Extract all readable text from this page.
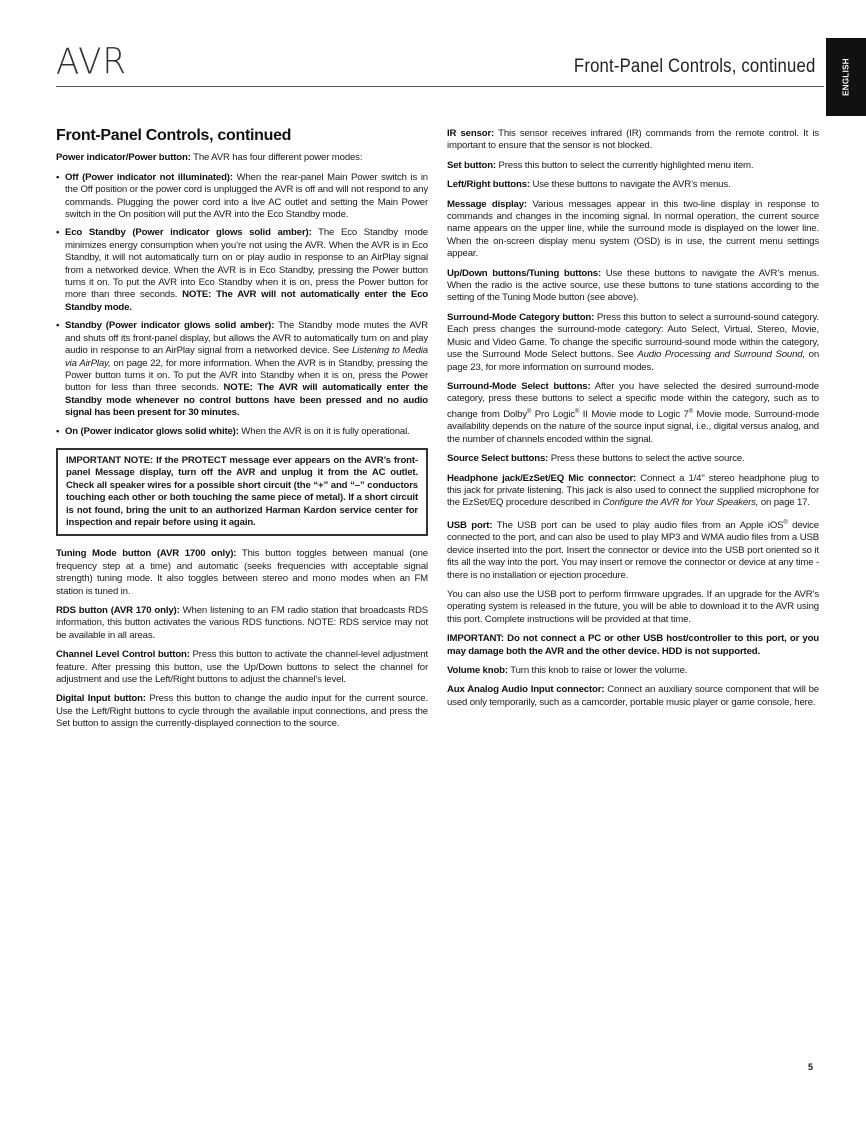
AVR	Front-Panel Controls, continued	ENGLISH
Front-Panel Controls, continued

Power indicator/Power button: The AVR has four different power modes:

• Off (Power indicator not illuminated): When the rear-panel Main Power switch is in the Off position or the power cord is unplugged the AVR is off and will not respond to any commands. Plugging the power cord into a live AC outlet and setting the Main Power switch in the On position will put the AVR into the Eco Standby mode.
• Eco Standby (Power indicator glows solid amber): The Eco Standby mode minimizes energy consumption when you’re not using the AVR. When the AVR is in Eco Standby, it will not automatically turn on or play audio in response to an AirPlay signal from a networked device. When the AVR is in Eco Standby, pressing the Power button turns it on. To put the AVR into Eco Standby when it is on, press the Power button for more than three seconds. NOTE: The AVR will not automatically enter the Eco Standby mode.
• Standby (Power indicator glows solid amber): The Standby mode mutes the AVR and shuts off its front-panel display, but allows the AVR to automatically turn on and play audio in response to an AirPlay signal from a networked device. See Listening to Media via AirPlay, on page 22, for more information. When the AVR is in Standby, pressing the Power button turns it on. To put the AVR into Standby when it is on, press the Power button for less than three seconds. NOTE: The AVR will automatically enter the Standby mode whenever no control buttons have been pressed and no audio signal has been present for 30 minutes.
• On (Power indicator glows solid white): When the AVR is on it is fully operational.
IMPORTANT NOTE: If the PROTECT message ever appears on the AVR’s front-panel Message display, turn off the AVR and unplug it from the AC outlet. Check all speaker wires for a possible short circuit (the “+” and “–” conductors touching each other or both touching the same piece of metal). If a short circuit is not found, bring the unit to an authorized Harman Kardon service center for inspection and repair before using it again.

Tuning Mode button (AVR 1700 only): This button toggles between manual (one frequency step at a time) and automatic (seeks frequencies with acceptable signal strength) tuning mode. It also toggles between stereo and mono modes when an FM station is tuned in.

RDS button (AVR 170 only): When listening to an FM radio station that broadcasts RDS information, this button activates the various RDS functions. NOTE: RDS service may not be available in all areas.

Channel Level Control button: Press this button to activate the channel-level adjustment feature. After pressing this button, use the Up/Down buttons to select the channel for adjustment and use the Left/Right buttons to adjust the channel’s level.

Digital Input button: Press this button to change the audio input for the current source. Use the Left/Right buttons to cycle through the available input connections, and press the Set button to assign the currently-displayed connection to the source.

IR sensor: This sensor receives infrared (IR) commands from the remote control. It is important to ensure that the sensor is not blocked.

Set button: Press this button to select the currently highlighted menu item.

Left/Right buttons: Use these buttons to navigate the AVR’s menus.

Message display: Various messages appear in this two-line display in response to commands and changes in the incoming signal. In normal operation, the current source name appears on the upper line, while the surround mode is displayed on the lower line. When the on-screen display menu system (OSD) is in use, the current menu settings appear.

Up/Down buttons/Tuning buttons: Use these buttons to navigate the AVR’s menus. When the radio is the active source, use these buttons to tune stations according to the setting of the Tuning Mode button (see above).

Surround-Mode Category button: Press this button to select a surround-sound category. Each press changes the surround-mode category: Auto Select, Virtual, Stereo, Movie, Music and Video Game. To change the specific surround-sound mode within the category, use the Surround Mode Select buttons. See Audio Processing and Surround Sound, on page 23, for more information on surround modes.

Surround-Mode Select buttons: After you have selected the desired surround-mode category, press these buttons to select a specific mode within the category, such as to change from Dolby® Pro Logic® II Movie mode to Logic 7® Movie mode. Surround-mode availability depends on the nature of the source input signal, i.e., digital versus analog, and the number of channels encoded within the signal.

Source Select buttons: Press these buttons to select the active source.

Headphone jack/EzSet/EQ Mic connector: Connect a 1/4" stereo headphone plug to this jack for private listening. This jack is also used to connect the supplied microphone for the EzSet/EQ procedure described in Configure the AVR for Your Speakers, on page 17.

USB port: The USB port can be used to play audio files from an Apple iOS® device connected to the port, and can also be used to play MP3 and WMA audio files from a USB device inserted into the port. Insert the connector or device into the USB port oriented so it fits all the way into the port. You may insert or remove the connector or device at any time - there is no installation or ejection procedure.

You can also use the USB port to perform firmware upgrades. If an upgrade for the AVR’s operating system is released in the future, you will be able to download it to the AVR using this port. Complete instructions will be provided at that time.

IMPORTANT: Do not connect a PC or other USB host/controller to this port, or you may damage both the AVR and the other device. HDD is not supported.

Volume knob: Turn this knob to raise or lower the volume.

Aux Analog Audio Input connector: Connect an auxiliary source component that will be used only temporarily, such as a camcorder, portable music player or game console, here.

5
